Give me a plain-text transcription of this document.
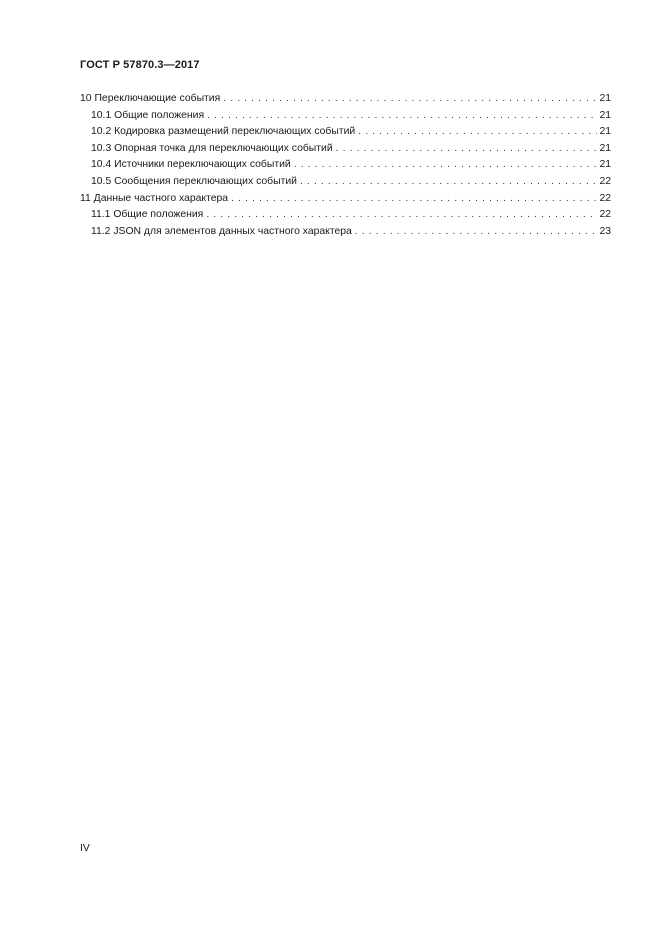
ГОСТ Р 57870.3—2017
10 Переключающие события . . .	21
10.1 Общие положения . . .	21
10.2 Кодировка размещений переключающих событий . . .	21
10.3 Опорная точка для переключающих событий . . .	21
10.4 Источники переключающих событий . . .	21
10.5 Сообщения переключающих событий . . .	22
11 Данные частного характера . . .	22
11.1 Общие положения . . .	22
11.2 JSON для элементов данных частного характера . . .	23
IV
